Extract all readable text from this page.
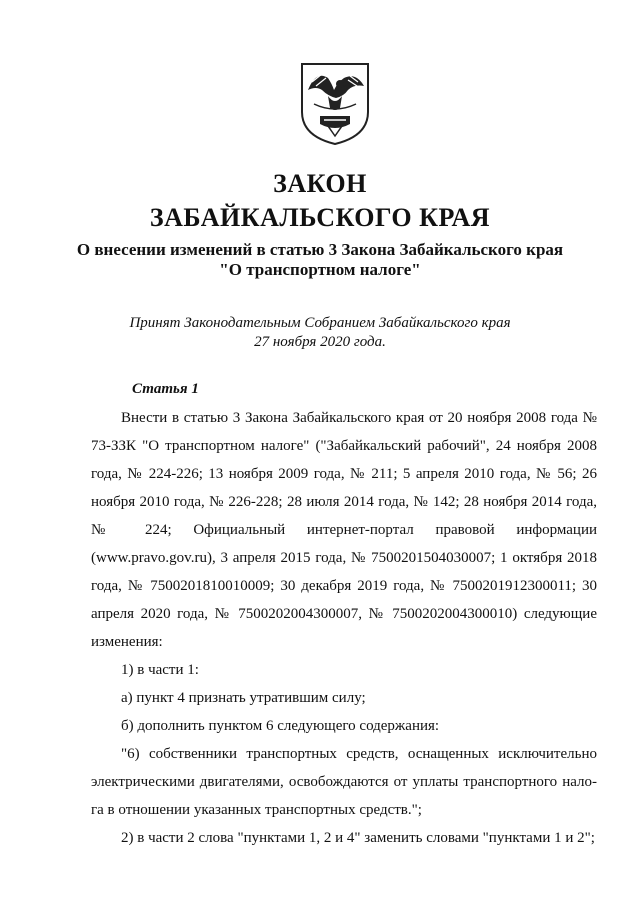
ЗАКОН
ЗАБАЙКАЛЬСКОГО КРАЯ
О внесении изменений в статью 3 Закона Забайкальского края
"О транспортном налоге"
Принят Законодательным Собранием Забайкальского края
27 ноября 2020 года.
Статья 1

Внести в статью 3 Закона Забайкальского края от 20 ноября 2008 года № 73-ЗЗК "О транспортном налоге" ("Забайкальский рабочий", 24 ноября 2008 года, № 224-226; 13 ноября 2009 года, № 211; 5 апреля 2010 года, № 56; 26 ноября 2010 года, № 226-228; 28 июля 2014 года, № 142; 28 ноября 2014 года, № 224; Официальный интернет-портал правовой информации (www.pravo.gov.ru), 3 апреля 2015 года, № 7500201504030007; 1 октября 2018 года, № 7500201810010009; 30 декабря 2019 года, № 7500201912300011; 30 апреля 2020 года, № 7500202004300007, № 7500202004300010) следующие изменения:

1) в части 1:

а) пункт 4 признать утратившим силу;

б) дополнить пунктом 6 следующего содержания:

"6) собственники транспортных средств, оснащенных исключительно электрическими двигателями, освобождаются от уплаты транспортного нало-га в отношении указанных транспортных средств.";

2) в части 2 слова "пунктами 1, 2 и 4" заменить словами "пунктами 1 и 2";
